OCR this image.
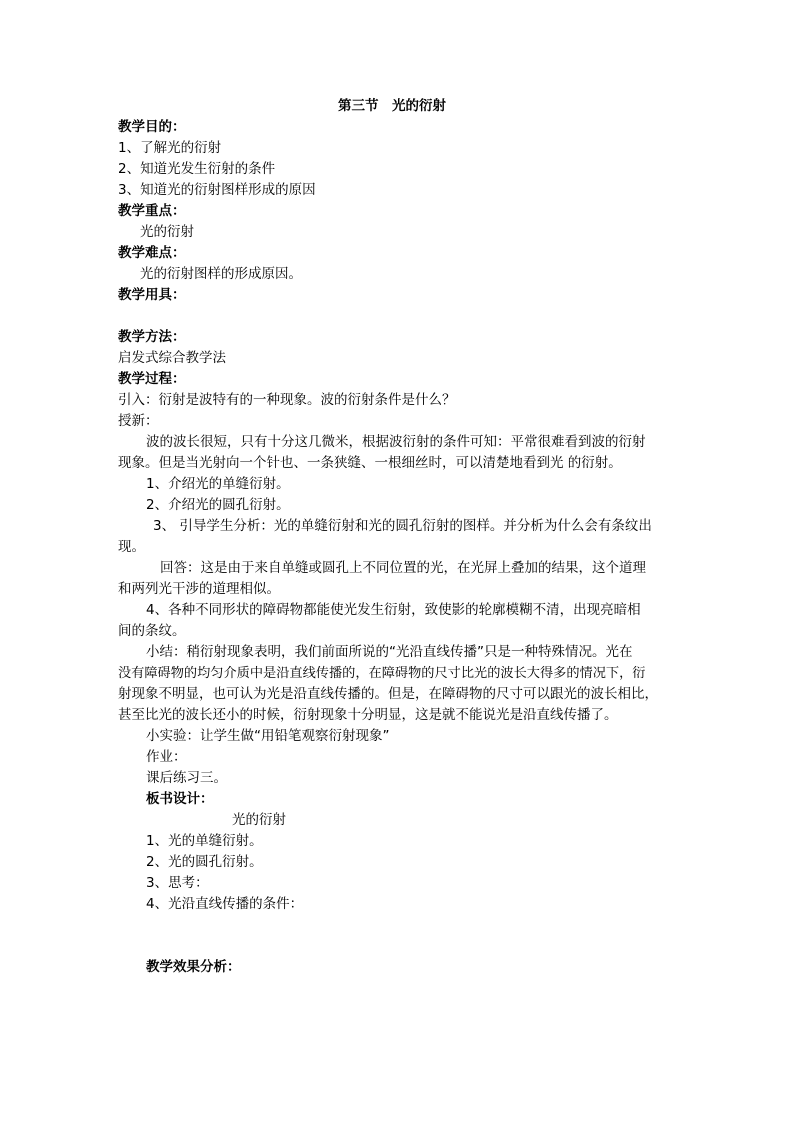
第三节　光的衍射
教学目的：
1、了解光的衍射
2、知道光发生衍射的条件
3、知道光的衍射图样形成的原因
教学重点：
光的衍射
教学难点：
光的衍射图样的形成原因。
教学用具：
教学方法：
启发式综合教学法
教学过程：
引入：衍射是波特有的一种现象。波的衍射条件是什么？
授新：
波的波长很短，只有十分这几微米，根据波衍射的条件可知：平常很难看到波的衍射
现象。但是当光射向一个针也、一条狭缝、一根细丝时，可以清楚地看到光 的衍射。
1、介绍光的单缝衍射。
2、介绍光的圆孔衍射。
3、 引导学生分析：光的单缝衍射和光的圆孔衍射的图样。并分析为什么会有条纹出
现。
回答：这是由于来自单缝或圆孔上不同位置的光，在光屏上叠加的结果，这个道理
和两列光干涉的道理相似。
4、各种不同形状的障碍物都能使光发生衍射，致使影的轮廓模糊不清，出现亮暗相
间的条纹。
小结：稍衍射现象表明，我们前面所说的“光沿直线传播”只是一种特殊情况。光在
没有障碍物的均匀介质中是沿直线传播的，在障碍物的尺寸比光的波长大得多的情况下，衍
射现象不明显，也可认为光是沿直线传播的。但是，在障碍物的尺寸可以跟光的波长相比，
甚至比光的波长还小的时候，衍射现象十分明显，这是就不能说光是沿直线传播了。
小实验：让学生做“用铅笔观察衍射现象”
作业：
课后练习三。
板书设计：
光的衍射
1、光的单缝衍射。
2、光的圆孔衍射。
3、思考：
4、光沿直线传播的条件：
教学效果分析：
